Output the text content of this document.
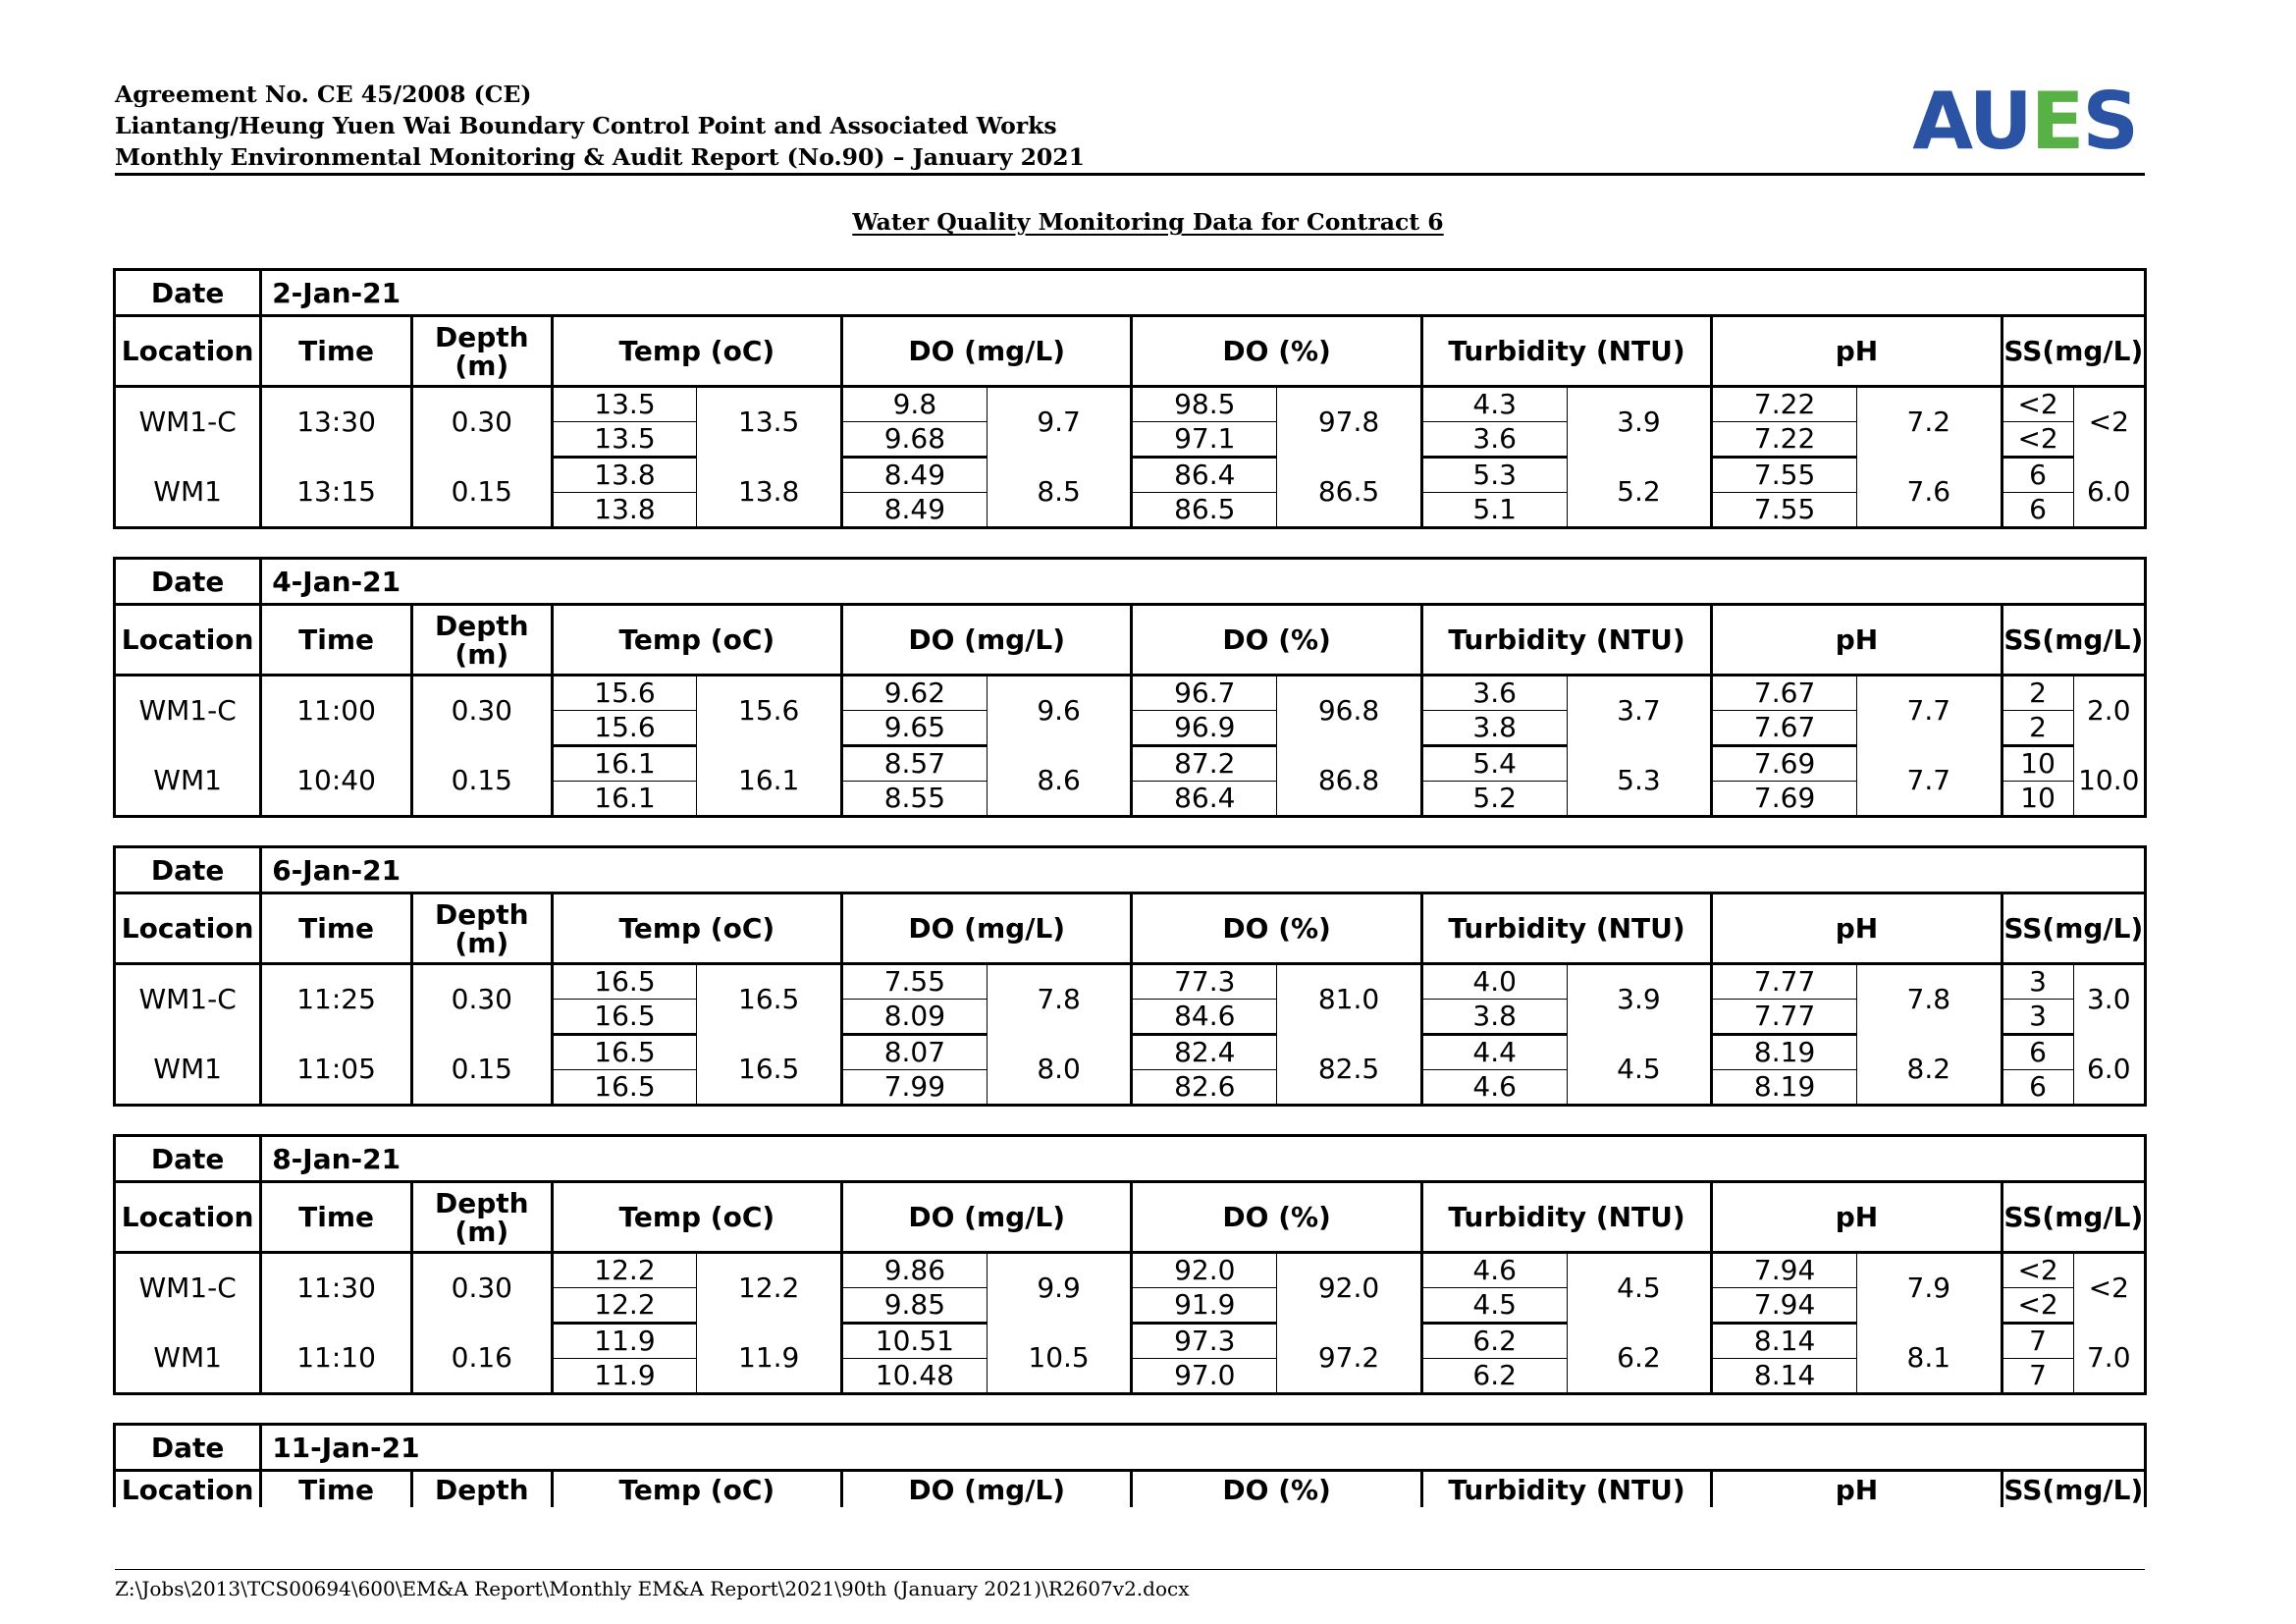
Agreement No. CE 45/2008 (CE)
Liantang/Heung Yuen Wai Boundary Control Point and Associated Works
Monthly Environmental Monitoring & Audit Report (No.90) – January 2021	AUES
Water Quality Monitoring Data for Contract 6
Date	2-Jan-21													
Location	Time	Depth (m)	Temp (oC)		DO (mg/L)		DO (%)		Turbidity (NTU)		pH		SS(mg/L)	
WM1-C	13:30	0.30	13.5	13.5	9.8	9.7	98.5	97.8	4.3	3.9	7.22	7.2	<2	<2
			13.5		9.68		97.1		3.6		7.22		<2	
WM1	13:15	0.15	13.8	13.8	8.49	8.5	86.4	86.5	5.3	5.2	7.55	7.6	6	6.0
			13.8		8.49		86.5		5.1		7.55		6	
Date	4-Jan-21													
Location	Time	Depth (m)	Temp (oC)		DO (mg/L)		DO (%)		Turbidity (NTU)		pH		SS(mg/L)	
WM1-C	11:00	0.30	15.6	15.6	9.62	9.6	96.7	96.8	3.6	3.7	7.67	7.7	2	2.0
			15.6		9.65		96.9		3.8		7.67		2	
WM1	10:40	0.15	16.1	16.1	8.57	8.6	87.2	86.8	5.4	5.3	7.69	7.7	10	10.0
			16.1		8.55		86.4		5.2		7.69		10	
Date	6-Jan-21													
Location	Time	Depth (m)	Temp (oC)		DO (mg/L)		DO (%)		Turbidity (NTU)		pH		SS(mg/L)	
WM1-C	11:25	0.30	16.5	16.5	7.55	7.8	77.3	81.0	4.0	3.9	7.77	7.8	3	3.0
			16.5		8.09		84.6		3.8		7.77		3	
WM1	11:05	0.15	16.5	16.5	8.07	8.0	82.4	82.5	4.4	4.5	8.19	8.2	6	6.0
			16.5		7.99		82.6		4.6		8.19		6	
Date	8-Jan-21													
Location	Time	Depth (m)	Temp (oC)		DO (mg/L)		DO (%)		Turbidity (NTU)		pH		SS(mg/L)	
WM1-C	11:30	0.30	12.2	12.2	9.86	9.9	92.0	92.0	4.6	4.5	7.94	7.9	<2	<2
			12.2		9.85		91.9		4.5		7.94		<2	
WM1	11:10	0.16	11.9	11.9	10.51	10.5	97.3	97.2	6.2	6.2	8.14	8.1	7	7.0
			11.9		10.48		97.0		6.2		8.14		7	
Date	11-Jan-21							
Location	Time	Depth	Temp (oC)	DO (mg/L)	DO (%)	Turbidity (NTU)	pH	SS(mg/L)
Z:\Jobs\2013\TCS00694\600\EM&A Report\Monthly EM&A Report\2021\90th (January 2021)\R2607v2.docx
